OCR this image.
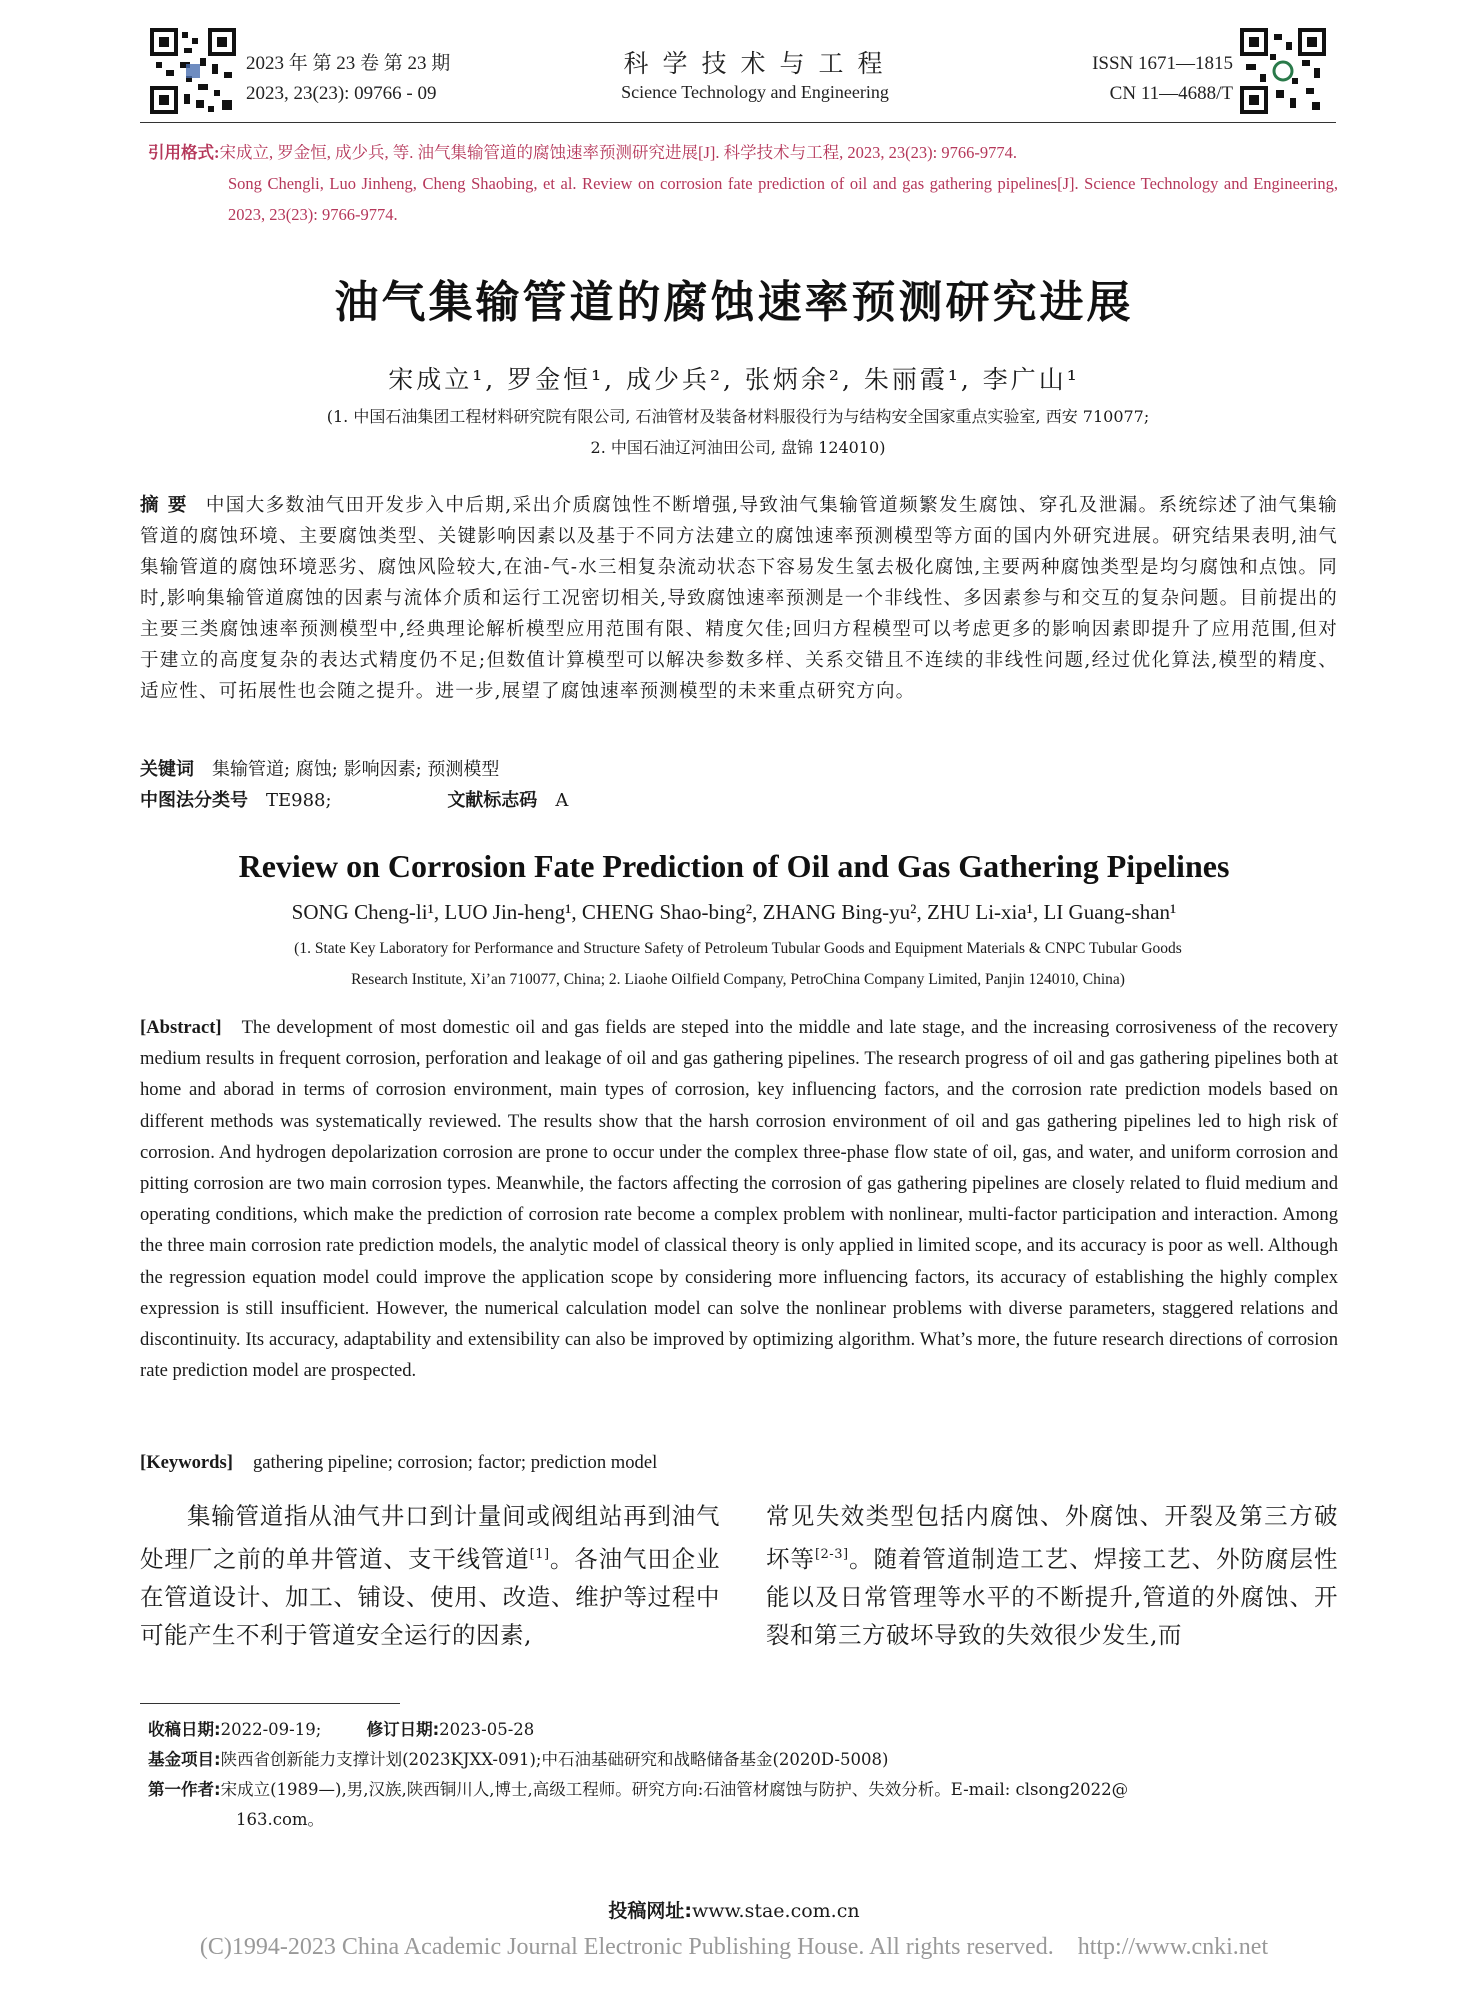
2023 年 第 23 卷 第 23 期
2023, 23(23): 09766 - 09
科学技术与工程
Science Technology and Engineering
ISSN 1671—1815
CN 11—4688/T
引用格式:宋成立, 罗金恒, 成少兵, 等. 油气集输管道的腐蚀速率预测研究进展[J]. 科学技术与工程, 2023, 23(23): 9766-9774.
Song Chengli, Luo Jinheng, Cheng Shaobing, et al. Review on corrosion fate prediction of oil and gas gathering pipelines[J]. Science Technology and Engineering, 2023, 23(23): 9766-9774.
油气集输管道的腐蚀速率预测研究进展
宋成立¹, 罗金恒¹, 成少兵², 张炳余², 朱丽霞¹, 李广山¹
(1. 中国石油集团工程材料研究院有限公司, 石油管材及装备材料服役行为与结构安全国家重点实验室, 西安 710077;
2. 中国石油辽河油田公司, 盘锦 124010)
摘 要 中国大多数油气田开发步入中后期,采出介质腐蚀性不断增强,导致油气集输管道频繁发生腐蚀、穿孔及泄漏。系统综述了油气集输管道的腐蚀环境、主要腐蚀类型、关键影响因素以及基于不同方法建立的腐蚀速率预测模型等方面的国内外研究进展。研究结果表明,油气集输管道的腐蚀环境恶劣、腐蚀风险较大,在油-气-水三相复杂流动状态下容易发生氢去极化腐蚀,主要两种腐蚀类型是均匀腐蚀和点蚀。同时,影响集输管道腐蚀的因素与流体介质和运行工况密切相关,导致腐蚀速率预测是一个非线性、多因素参与和交互的复杂问题。目前提出的主要三类腐蚀速率预测模型中,经典理论解析模型应用范围有限、精度欠佳;回归方程模型可以考虑更多的影响因素即提升了应用范围,但对于建立的高度复杂的表达式精度仍不足;但数值计算模型可以解决参数多样、关系交错且不连续的非线性问题,经过优化算法,模型的精度、适应性、可拓展性也会随之提升。进一步,展望了腐蚀速率预测模型的未来重点研究方向。
关键词 集输管道; 腐蚀; 影响因素; 预测模型
中图法分类号 TE988;	文献标志码 A
Review on Corrosion Fate Prediction of Oil and Gas Gathering Pipelines
SONG Cheng-li¹, LUO Jin-heng¹, CHENG Shao-bing², ZHANG Bing-yu², ZHU Li-xia¹, LI Guang-shan¹
(1. State Key Laboratory for Performance and Structure Safety of Petroleum Tubular Goods and Equipment Materials & CNPC Tubular Goods
Research Institute, Xi’an 710077, China; 2. Liaohe Oilfield Company, PetroChina Company Limited, Panjin 124010, China)
[Abstract] The development of most domestic oil and gas fields are steped into the middle and late stage, and the increasing corrosiveness of the recovery medium results in frequent corrosion, perforation and leakage of oil and gas gathering pipelines. The research progress of oil and gas gathering pipelines both at home and aborad in terms of corrosion environment, main types of corrosion, key influencing factors, and the corrosion rate prediction models based on different methods was systematically reviewed. The results show that the harsh corrosion environment of oil and gas gathering pipelines led to high risk of corrosion. And hydrogen depolarization corrosion are prone to occur under the complex three-phase flow state of oil, gas, and water, and uniform corrosion and pitting corrosion are two main corrosion types. Meanwhile, the factors affecting the corrosion of gas gathering pipelines are closely related to fluid medium and operating conditions, which make the prediction of corrosion rate become a complex problem with nonlinear, multi-factor participation and interaction. Among the three main corrosion rate prediction models, the analytic model of classical theory is only applied in limited scope, and its accuracy is poor as well. Although the regression equation model could improve the application scope by considering more influencing factors, its accuracy of establishing the highly complex expression is still insufficient. However, the numerical calculation model can solve the nonlinear problems with diverse parameters, staggered relations and discontinuity. Its accuracy, adaptability and extensibility can also be improved by optimizing algorithm. What’s more, the future research directions of corrosion rate prediction model are prospected.
[Keywords] gathering pipeline; corrosion; factor; prediction model
集输管道指从油气井口到计量间或阀组站再到油气处理厂之前的单井管道、支干线管道[1]。各油气田企业在管道设计、加工、铺设、使用、改造、维护等过程中可能产生不利于管道安全运行的因素,
常见失效类型包括内腐蚀、外腐蚀、开裂及第三方破坏等[2-3]。随着管道制造工艺、焊接工艺、外防腐层性能以及日常管理等水平的不断提升,管道的外腐蚀、开裂和第三方破坏导致的失效很少发生,而
收稿日期:2022-09-19;	修订日期:2023-05-28
基金项目:陕西省创新能力支撑计划(2023KJXX-091);中石油基础研究和战略储备基金(2020D-5008)
第一作者:宋成立(1989—),男,汉族,陕西铜川人,博士,高级工程师。研究方向:石油管材腐蚀与防护、失效分析。E-mail: clsong2022@
163.com。
投稿网址:www.stae.com.cn
(C)1994-2023 China Academic Journal Electronic Publishing House. All rights reserved.    http://www.cnki.net
